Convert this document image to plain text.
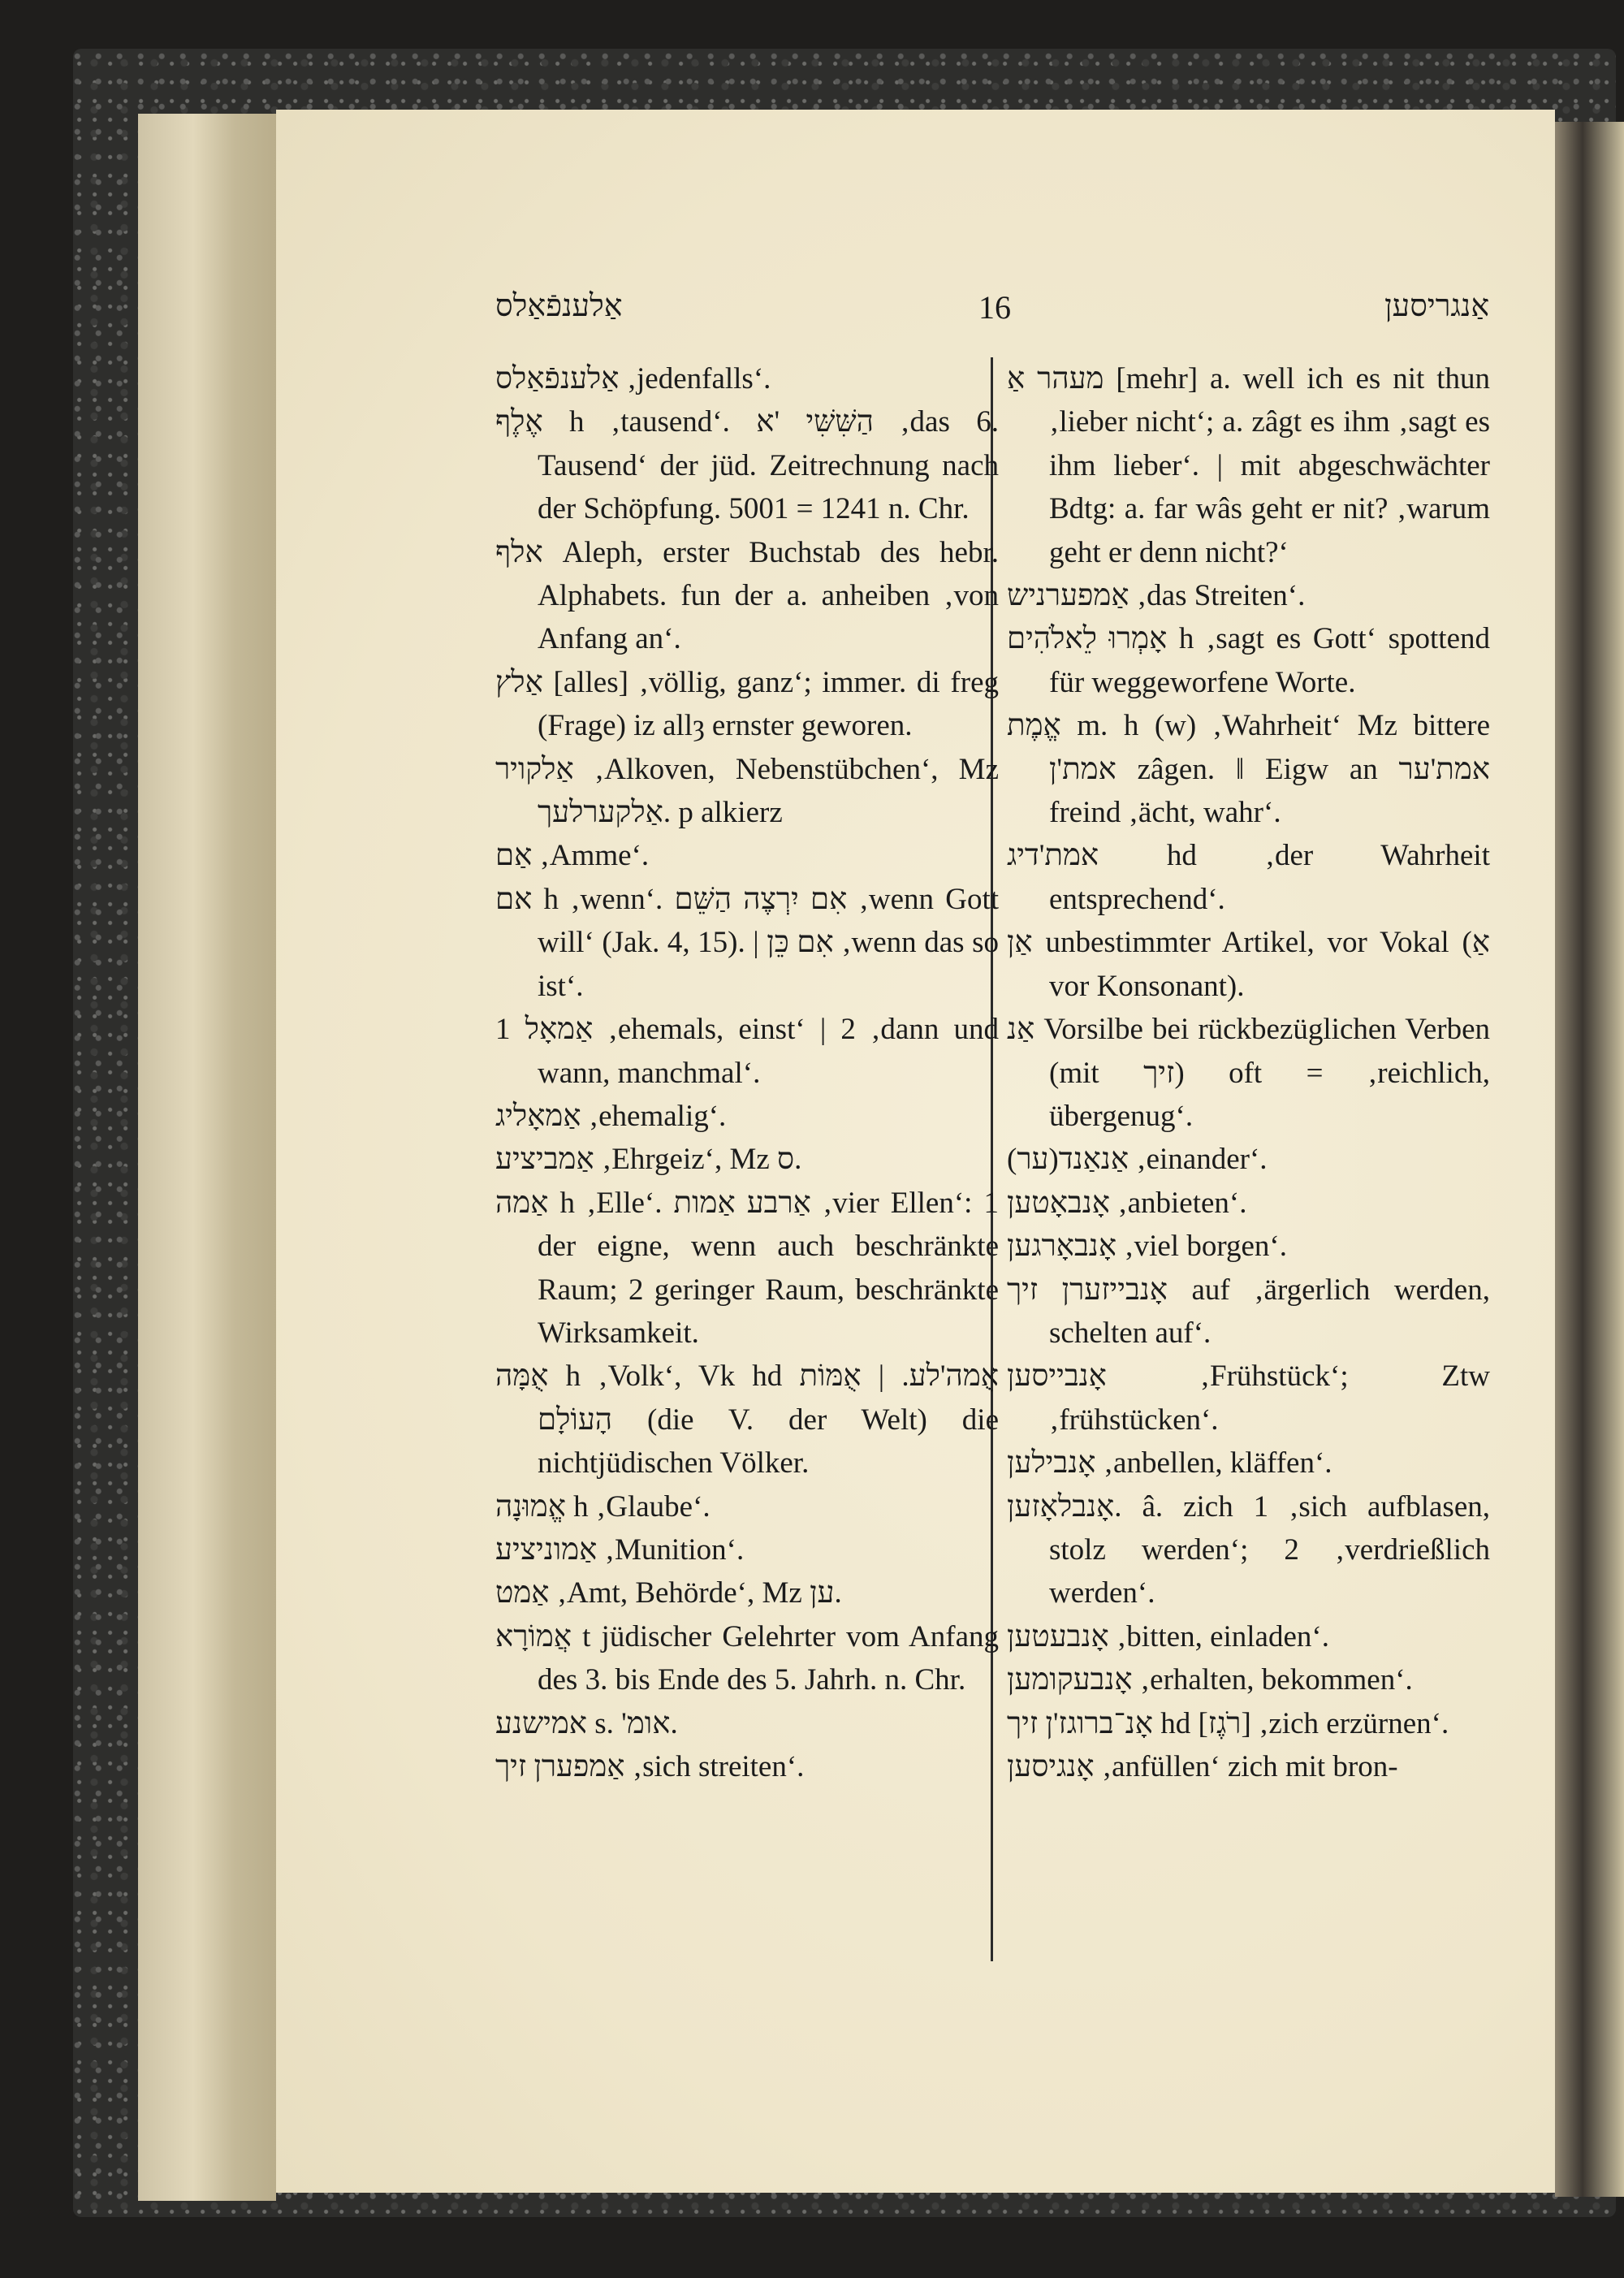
אַלענפֿאַלס	16	אַנגריסען

אַלענפֿאַלס ‚jedenfalls‘.

אֶלֶף h ‚tausend‘. הַשִּׁשִּׁי 'א ‚das 6. Tausend‘ der jüd. Zeitrechnung nach der Schöpfung. 5001 = 1241 n. Chr.

אלף Aleph, erster Buchstab des hebr. Alphabets. fun der a. anheiben ‚von Anfang an‘.

אַלץ [alles] ‚völlig, ganz‘; immer. di freg (Frage) iz allȝ ernster geworen.

אַלקויר ‚Alkoven, Nebenstübchen‘, Mz אַלקערלעך. p alkierz

אַם ‚Amme‘.

אם h ‚wenn‘. אִם יִרְצֶה הַשֵּׁם ‚wenn Gott will‘ (Jak. 4, 15). | אִם כֵּן ‚wenn das so ist‘.

אַמאָל 1 ‚ehemals, einst‘ | 2 ‚dann und wann, manchmal‘.

אַמאָליג ‚ehemalig‘.

אַמביציע ‚Ehrgeiz‘, Mz ס.

אַמה h ‚Elle‘. אַרבע אַמות ‚vier Ellen‘: 1 der eigne, wenn auch beschränkte Raum; 2 geringer Raum, beschränkte Wirksamkeit.

אֻמָּה h ‚Volk‘, Vk hd אֻמה'לע. | אֻמּוֹת הָעוֹלָם (die V. der Welt) die nichtjüdischen Völker.

אֱמוּנָה h ‚Glaube‘.

אַמוניציע ‚Munition‘.

אַמט ‚Amt, Behörde‘, Mz ען.

אֲמוֹרָא t jüdischer Gelehrter vom Anfang des 3. bis Ende des 5. Jahrh. n. Chr.

אמישנע s. 'אומ.

אַמפערן זיך ‚sich streiten‘.

מעהר אַ [mehr] a. well ich es nit thun ‚lieber nicht‘; a. zâgt es ihm ‚sagt es ihm lieber‘. | mit abgeschwächter Bdtg: a. far wâs geht er nit? ‚warum geht er denn nicht?‘

אַמפערניש ‚das Streiten‘.

אָמְרוּ לֵאלֹהִים h ‚sagt es Gott‘ spottend für weggeworfene Worte.

אֱמֶת m. h (w) ‚Wahrheit‘ Mz bittere אמת'ן zâgen. ‖ Eigw an אמת'ער freind ‚ächt, wahr‘.

אמת'דיג hd ‚der Wahrheit entsprechend‘.

אַן unbestimmter Artikel, vor Vokal (אַ vor Konsonant).

אַנ Vorsilbe bei rückbezüglichen Verben (mit זיך) oft = ‚reichlich, übergenug‘.

אַנאַנד(ער) ‚einander‘.

אָנבאָטען ‚anbieten‘.

אָנבאָרגען ‚viel borgen‘.

אָנבייזערן זיך auf ‚ärgerlich werden, schelten auf‘.

אָנבייסען ‚Frühstück‘; Ztw ‚frühstücken‘.

אָנבילען ‚anbellen, kläffen‘.

אָנבלאָזען. â. zich 1 ‚sich aufblasen, stolz werden‘; 2 ‚verdrießlich werden‘.

אָנבעטען ‚bitten, einladen‘.

אָנבעקומען ‚erhalten, bekommen‘.

אָנ־ברוגז'ן זיך hd [רֹגֶז] ‚zich erzürnen‘.

אָנגיסען ‚anfüllen‘ zich mit bron-
